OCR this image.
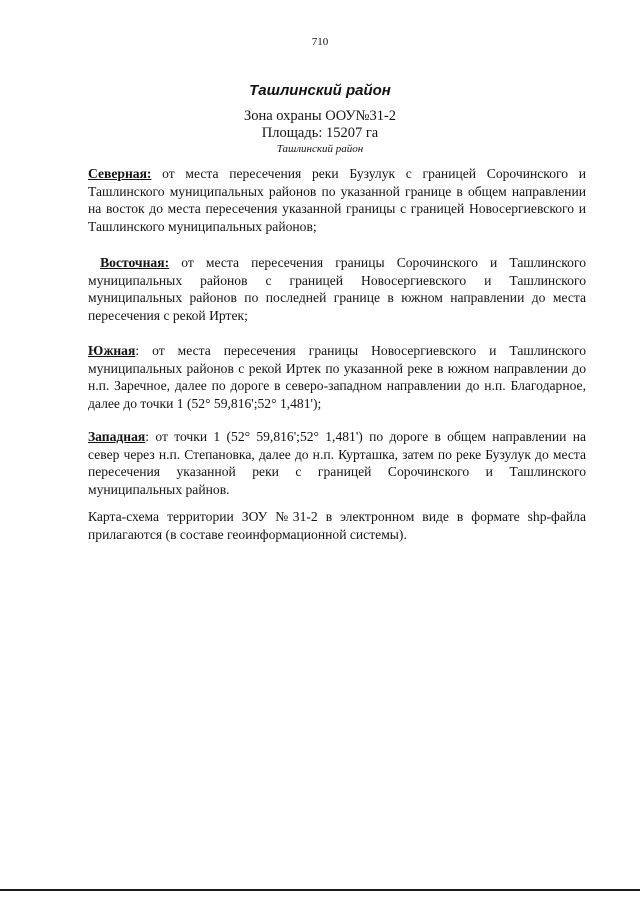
710
Ташлинский район
Зона охраны ООУ№31-2
Площадь: 15207 га
Ташлинский район

Северная: от места пересечения реки Бузулук с границей Сорочинского и Ташлинского муниципальных районов по указанной границе в общем направлении на восток до места пересечения указанной границы с границей Новосергиевского и Ташлинского муниципальных районов;

Восточная: от места пересечения границы Сорочинского и Ташлинского муниципальных районов с границей Новосергиевского и Ташлинского муниципальных районов по последней границе в южном направлении до места пересечения с рекой Иртек;

Южная: от места пересечения границы Новосергиевского и Ташлинского муниципальных районов с рекой Иртек по указанной реке в южном направлении до н.п. Заречное, далее по дороге в северо-западном направлении до н.п. Благодарное, далее до точки 1 (52° 59,816';52° 1,481');

Западная: от точки 1 (52° 59,816';52° 1,481') по дороге в общем направлении на север через н.п. Степановка, далее до н.п. Курташка, затем по реке Бузулук до места пересечения указанной реки с границей Сорочинского и Ташлинского муниципальных райнов.

Карта-схема территории ЗОУ №31-2 в электронном виде в формате shp-файла прилагаются (в составе геоинформационной системы).
